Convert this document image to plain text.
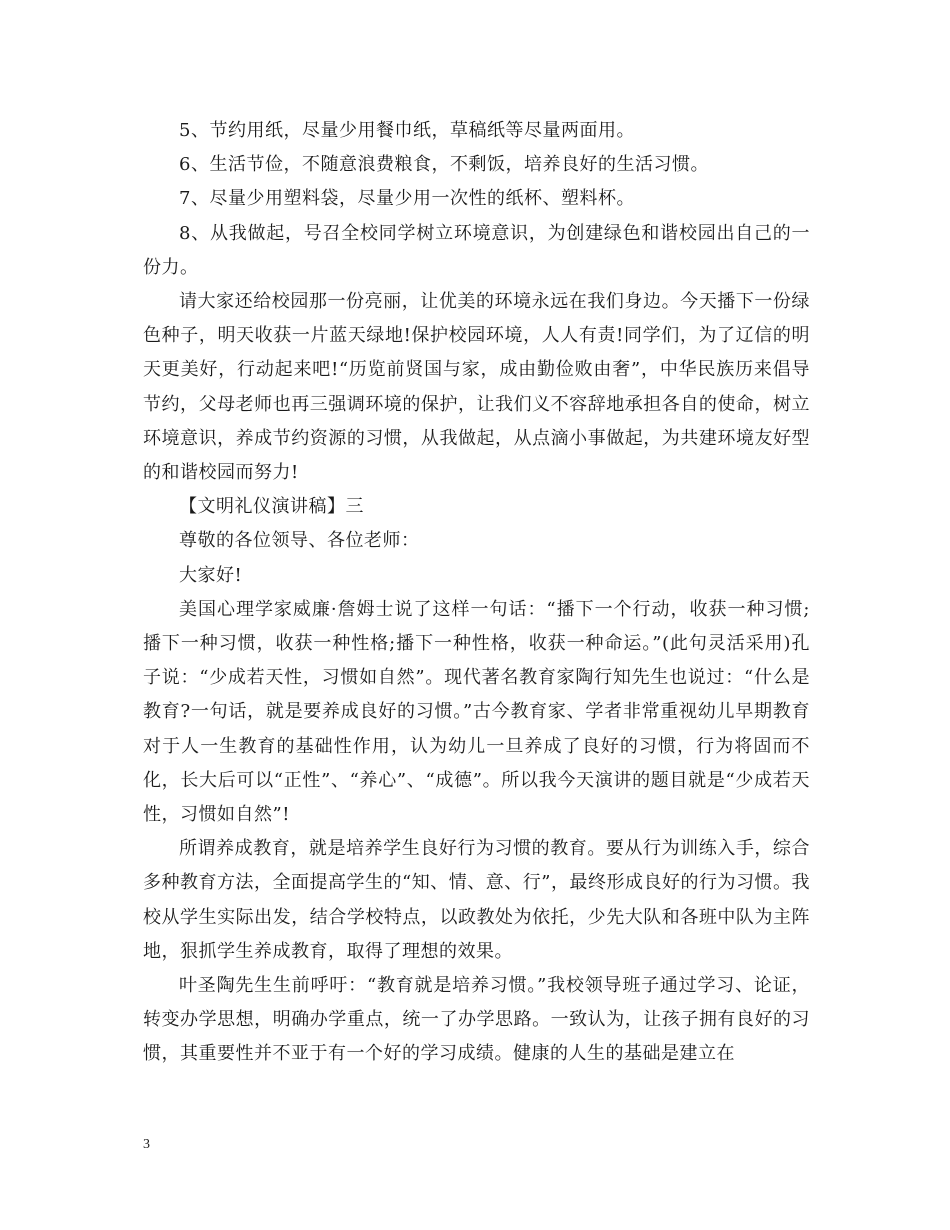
5、节约用纸，尽量少用餐巾纸，草稿纸等尽量两面用。

6、生活节俭，不随意浪费粮食，不剩饭，培养良好的生活习惯。

7、尽量少用塑料袋，尽量少用一次性的纸杯、塑料杯。

8、从我做起，号召全校同学树立环境意识，为创建绿色和谐校园出自己的一份力。

请大家还给校园那一份亮丽，让优美的环境永远在我们身边。今天播下一份绿色种子，明天收获一片蓝天绿地!保护校园环境，人人有责!同学们，为了辽信的明天更美好，行动起来吧!“历览前贤国与家，成由勤俭败由奢”，中华民族历来倡导节约，父母老师也再三强调环境的保护，让我们义不容辞地承担各自的使命，树立环境意识，养成节约资源的习惯，从我做起，从点滴小事做起，为共建环境友好型的和谐校园而努力!

【文明礼仪演讲稿】三

尊敬的各位领导、各位老师：

大家好!

美国心理学家威廉·詹姆士说了这样一句话：“播下一个行动，收获一种习惯;播下一种习惯，收获一种性格;播下一种性格，收获一种命运。”(此句灵活采用)孔子说：“少成若天性，习惯如自然”。现代著名教育家陶行知先生也说过：“什么是教育?一句话，就是要养成良好的习惯。”古今教育家、学者非常重视幼儿早期教育对于人一生教育的基础性作用，认为幼儿一旦养成了良好的习惯，行为将固而不化，长大后可以“正性”、“养心”、“成德”。所以我今天演讲的题目就是“少成若天性，习惯如自然”!

所谓养成教育，就是培养学生良好行为习惯的教育。要从行为训练入手，综合多种教育方法，全面提高学生的“知、情、意、行”，最终形成良好的行为习惯。我校从学生实际出发，结合学校特点，以政教处为依托，少先大队和各班中队为主阵地，狠抓学生养成教育，取得了理想的效果。

叶圣陶先生生前呼吁：“教育就是培养习惯。”我校领导班子通过学习、论证，转变办学思想，明确办学重点，统一了办学思路。一致认为，让孩子拥有良好的习惯，其重要性并不亚于有一个好的学习成绩。健康的人生的基础是建立在

3
